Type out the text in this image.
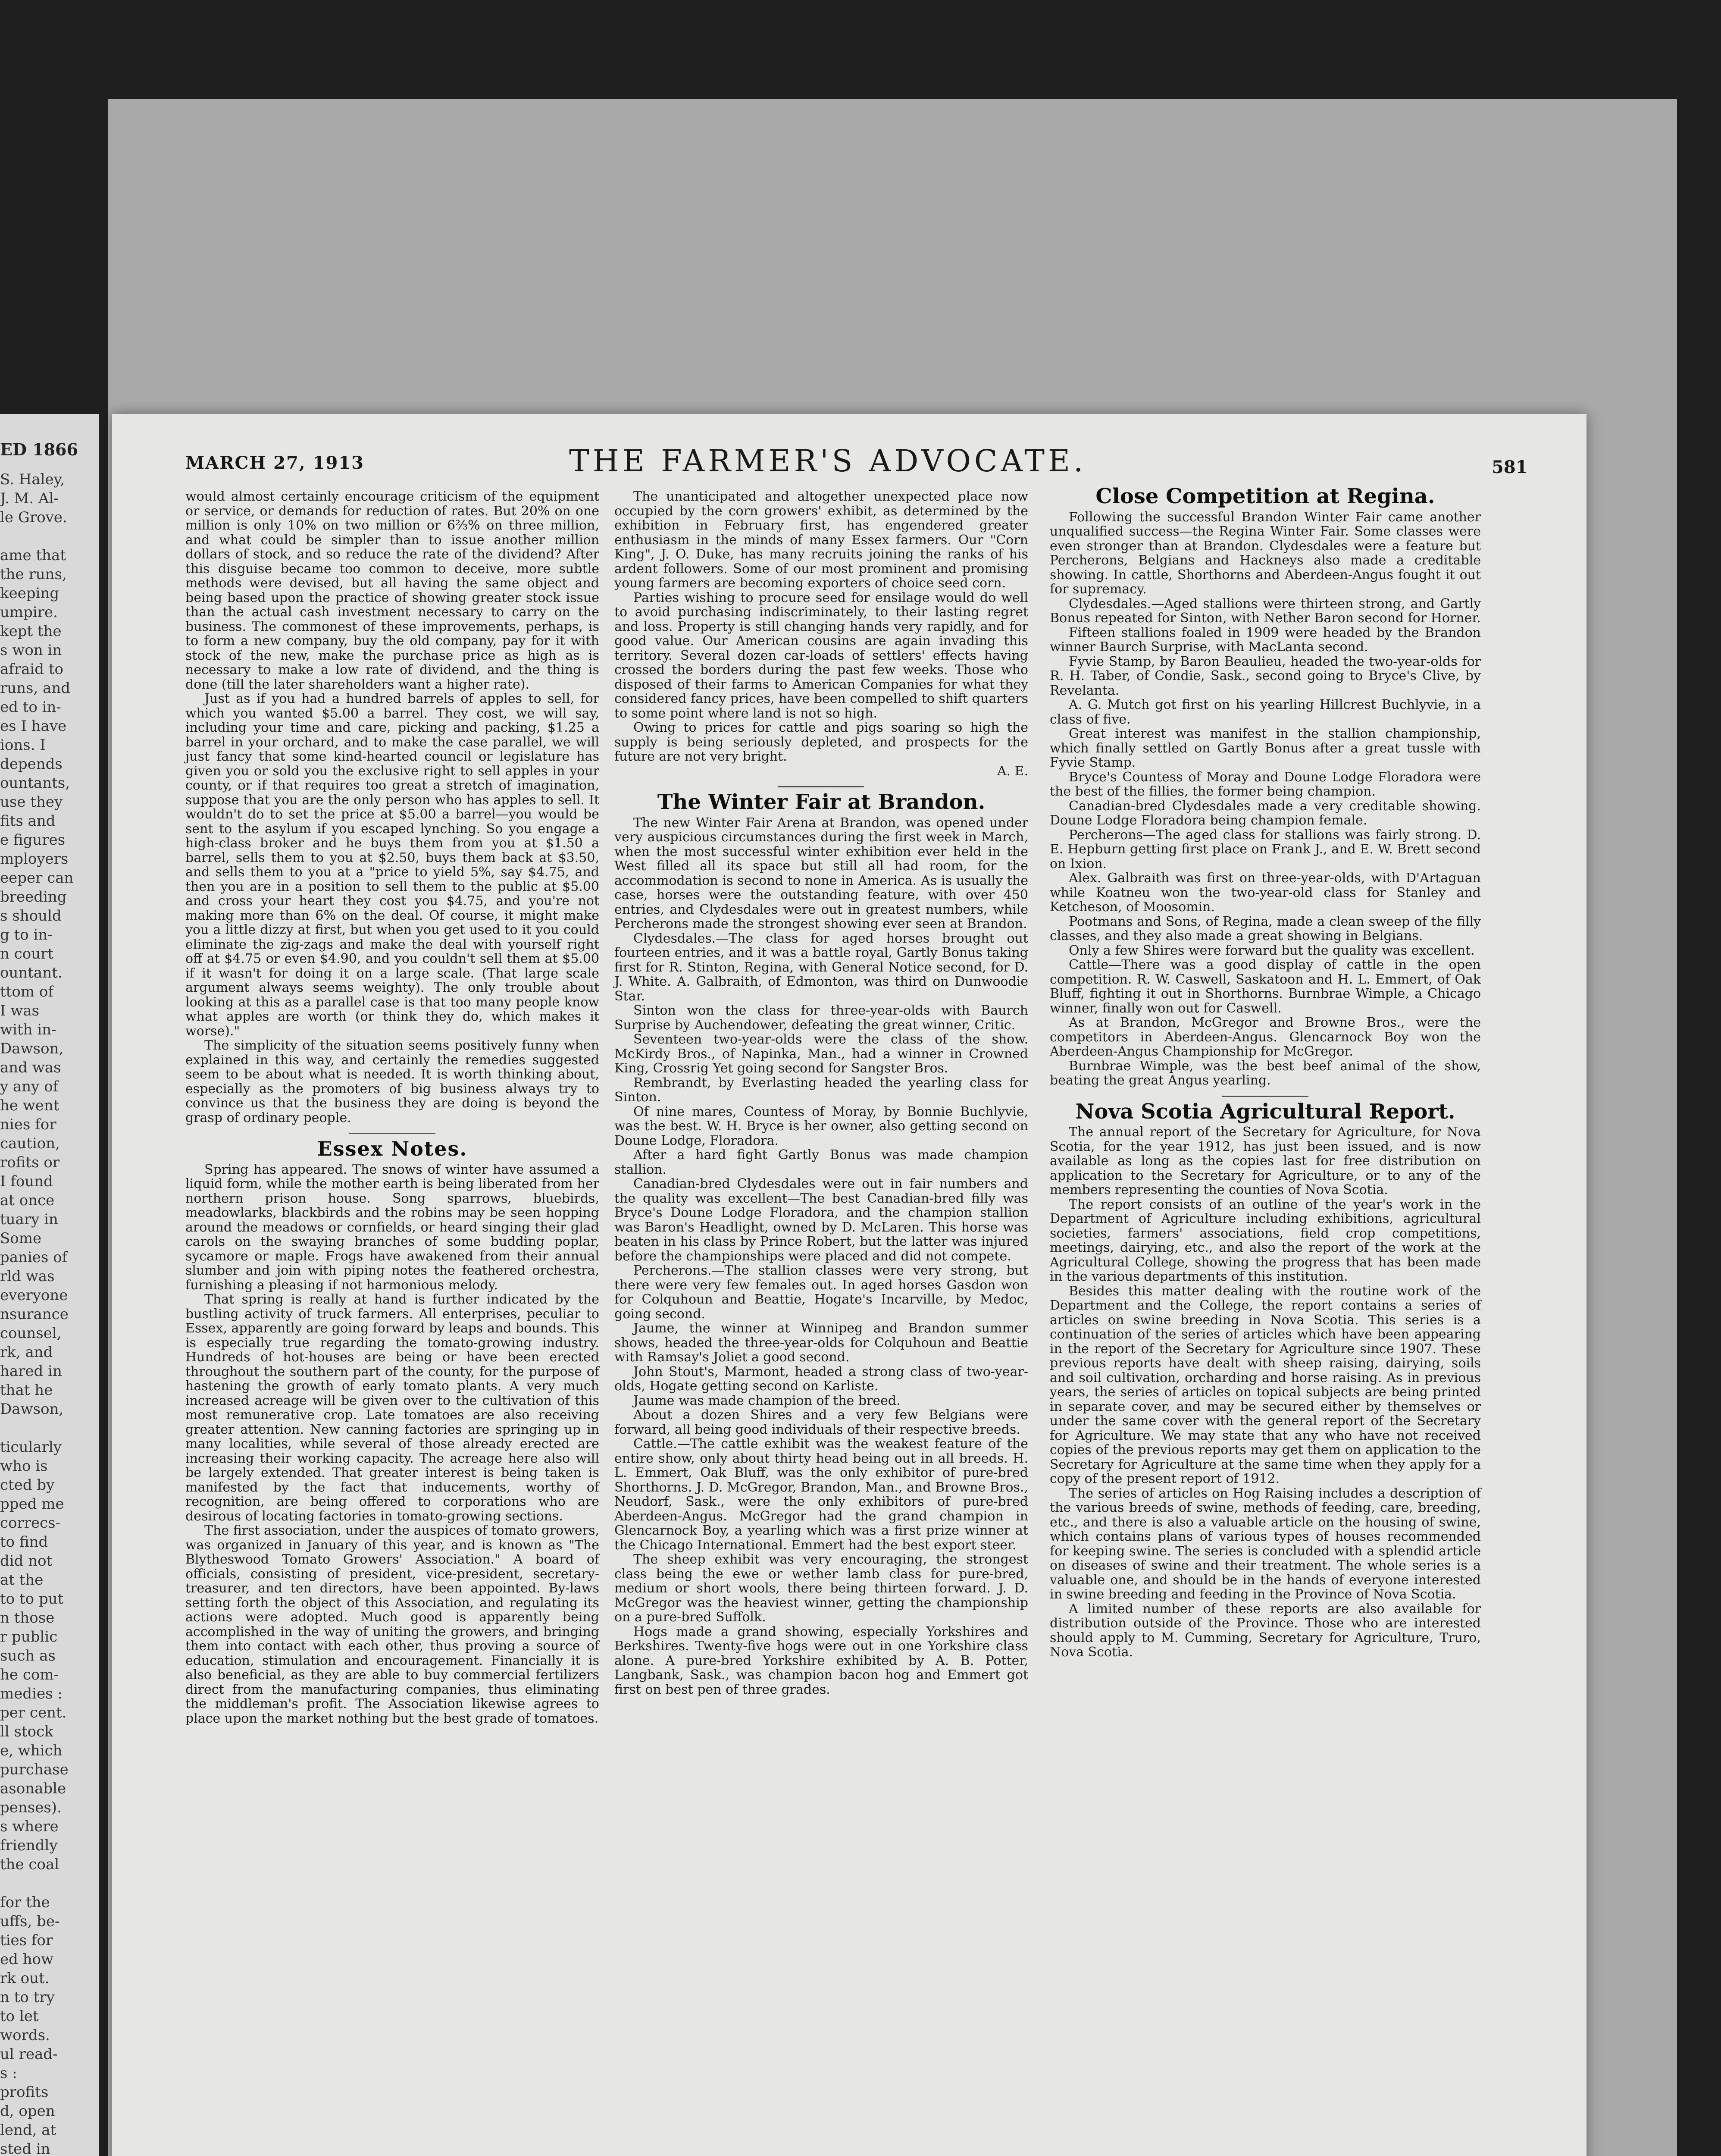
ED 1866
S. Haley,
J. M. Al-
le Grove.

ame that
the runs,
keeping
umpire.
kept the
s won in
afraid to
runs, and
ed to in-
es I have
ions. I
depends
ountants,
use they
fits and
e figures
mployers
eeper can
breeding
s should
g to in-
n court
ountant.
ttom of
I was
with in-
Dawson,
and was
y any of
he went
nies for
caution,
rofits or
I found
at once
tuary in
Some
panies of
rld was
everyone
nsurance
counsel,
rk, and
hared in
that he
Dawson,

ticularly
who is
cted by
pped me
correcs-
to find
did not
at the
to to put
n those
r public
such as
he com-
medies :
per cent.
ll stock
e, which
purchase
asonable
penses).
s where
friendly
the coal

for the
uffs, be-
ties for
ed how
rk out.
n to try
to let
words.
ul read-
s :
profits
d, open
lend, at
sted in
MARCH 27, 1913	THE FARMER'S ADVOCATE.	581

would almost certainly encourage criticism of the equipment or service, or demands for reduction of rates. But 20% on one million is only 10% on two million or 6⅔% on three million, and what could be simpler than to issue another million dollars of stock, and so reduce the rate of the dividend? After this disguise became too common to deceive, more subtle methods were devised, but all having the same object and being based upon the practice of showing greater stock issue than the actual cash investment necessary to carry on the business. The commonest of these improvements, perhaps, is to form a new company, buy the old company, pay for it with stock of the new, make the purchase price as high as is necessary to make a low rate of dividend, and the thing is done (till the later shareholders want a higher rate).

Just as if you had a hundred barrels of apples to sell, for which you wanted $5.00 a barrel. They cost, we will say, including your time and care, picking and packing, $1.25 a barrel in your orchard, and to make the case parallel, we will just fancy that some kind-hearted council or legislature has given you or sold you the exclusive right to sell apples in your county, or if that requires too great a stretch of imagination, suppose that you are the only person who has apples to sell. It wouldn't do to set the price at $5.00 a barrel—you would be sent to the asylum if you escaped lynching. So you engage a high-class broker and he buys them from you at $1.50 a barrel, sells them to you at $2.50, buys them back at $3.50, and sells them to you at a "price to yield 5%, say $4.75, and then you are in a position to sell them to the public at $5.00 and cross your heart they cost you $4.75, and you're not making more than 6% on the deal. Of course, it might make you a little dizzy at first, but when you get used to it you could eliminate the zig-zags and make the deal with yourself right off at $4.75 or even $4.90, and you couldn't sell them at $5.00 if it wasn't for doing it on a large scale. (That large scale argument always seems weighty). The only trouble about looking at this as a parallel case is that too many people know what apples are worth (or think they do, which makes it worse)."

The simplicity of the situation seems positively funny when explained in this way, and certainly the remedies suggested seem to be about what is needed. It is worth thinking about, especially as the promoters of big business always try to convince us that the business they are doing is beyond the grasp of ordinary people.

Essex Notes.

Spring has appeared. The snows of winter have assumed a liquid form, while the mother earth is being liberated from her northern prison house. Song sparrows, bluebirds, meadowlarks, blackbirds and the robins may be seen hopping around the meadows or cornfields, or heard singing their glad carols on the swaying branches of some budding poplar, sycamore or maple. Frogs have awakened from their annual slumber and join with piping notes the feathered orchestra, furnishing a pleasing if not harmonious melody.

That spring is really at hand is further indicated by the bustling activity of truck farmers. All enterprises, peculiar to Essex, apparently are going forward by leaps and bounds. This is especially true regarding the tomato-growing industry. Hundreds of hot-houses are being or have been erected throughout the southern part of the county, for the purpose of hastening the growth of early tomato plants. A very much increased acreage will be given over to the cultivation of this most remunerative crop. Late tomatoes are also receiving greater attention. New canning factories are springing up in many localities, while several of those already erected are increasing their working capacity. The acreage here also will be largely extended. That greater interest is being taken is manifested by the fact that inducements, worthy of recognition, are being offered to corporations who are desirous of locating factories in tomato-growing sections.

The first association, under the auspices of tomato growers, was organized in January of this year, and is known as "The Blytheswood Tomato Growers' Association." A board of officials, consisting of president, vice-president, secretary-treasurer, and ten directors, have been appointed. By-laws setting forth the object of this Association, and regulating its actions were adopted. Much good is apparently being accomplished in the way of uniting the growers, and bringing them into contact with each other, thus proving a source of education, stimulation and encouragement. Financially it is also beneficial, as they are able to buy commercial fertilizers direct from the manufacturing companies, thus eliminating the middleman's profit. The Association likewise agrees to place upon the market nothing but the best grade of tomatoes.

The unanticipated and altogether unexpected place now occupied by the corn growers' exhibit, as determined by the exhibition in February first, has engendered greater enthusiasm in the minds of many Essex farmers. Our "Corn King", J. O. Duke, has many recruits joining the ranks of his ardent followers. Some of our most prominent and promising young farmers are becoming exporters of choice seed corn.

Parties wishing to procure seed for ensilage would do well to avoid purchasing indiscriminately, to their lasting regret and loss. Property is still changing hands very rapidly, and for good value. Our American cousins are again invading this territory. Several dozen car-loads of settlers' effects having crossed the borders during the past few weeks. Those who disposed of their farms to American Companies for what they considered fancy prices, have been compelled to shift quarters to some point where land is not so high.

Owing to prices for cattle and pigs soaring so high the supply is being seriously depleted, and prospects for the future are not very bright.

A. E.

The Winter Fair at Brandon.

The new Winter Fair Arena at Brandon, was opened under very auspicious circumstances during the first week in March, when the most successful winter exhibition ever held in the West filled all its space but still all had room, for the accommodation is second to none in America. As is usually the case, horses were the outstanding feature, with over 450 entries, and Clydesdales were out in greatest numbers, while Percherons made the strongest showing ever seen at Brandon.

Clydesdales.—The class for aged horses brought out fourteen entries, and it was a battle royal, Gartly Bonus taking first for R. Stinton, Regina, with General Notice second, for D. J. White. A. Galbraith, of Edmonton, was third on Dunwoodie Star.

Sinton won the class for three-year-olds with Baurch Surprise by Auchendower, defeating the great winner, Critic.

Seventeen two-year-olds were the class of the show. McKirdy Bros., of Napinka, Man., had a winner in Crowned King, Crossrig Yet going second for Sangster Bros.

Rembrandt, by Everlasting headed the yearling class for Sinton.

Of nine mares, Countess of Moray, by Bonnie Buchlyvie, was the best. W. H. Bryce is her owner, also getting second on Doune Lodge, Floradora.

After a hard fight Gartly Bonus was made champion stallion.

Canadian-bred Clydesdales were out in fair numbers and the quality was excellent—The best Canadian-bred filly was Bryce's Doune Lodge Floradora, and the champion stallion was Baron's Headlight, owned by D. McLaren. This horse was beaten in his class by Prince Robert, but the latter was injured before the championships were placed and did not compete.

Percherons.—The stallion classes were very strong, but there were very few females out. In aged horses Gasdon won for Colquhoun and Beattie, Hogate's Incarville, by Medoc, going second.

Jaume, the winner at Winnipeg and Brandon summer shows, headed the three-year-olds for Colquhoun and Beattie with Ramsay's Joliet a good second.

John Stout's, Marmont, headed a strong class of two-year-olds, Hogate getting second on Karliste.

Jaume was made champion of the breed.

About a dozen Shires and a very few Belgians were forward, all being good individuals of their respective breeds.

Cattle.—The cattle exhibit was the weakest feature of the entire show, only about thirty head being out in all breeds. H. L. Emmert, Oak Bluff, was the only exhibitor of pure-bred Shorthorns. J. D. McGregor, Brandon, Man., and Browne Bros., Neudorf, Sask., were the only exhibitors of pure-bred Aberdeen-Angus. McGregor had the grand champion in Glencarnock Boy, a yearling which was a first prize winner at the Chicago International. Emmert had the best export steer.

The sheep exhibit was very encouraging, the strongest class being the ewe or wether lamb class for pure-bred, medium or short wools, there being thirteen forward. J. D. McGregor was the heaviest winner, getting the championship on a pure-bred Suffolk.

Hogs made a grand showing, especially Yorkshires and Berkshires. Twenty-five hogs were out in one Yorkshire class alone. A pure-bred Yorkshire exhibited by A. B. Potter, Langbank, Sask., was champion bacon hog and Emmert got first on best pen of three grades.

Close Competition at Regina.

Following the successful Brandon Winter Fair came another unqualified success—the Regina Winter Fair. Some classes were even stronger than at Brandon. Clydesdales were a feature but Percherons, Belgians and Hackneys also made a creditable showing. In cattle, Shorthorns and Aberdeen-Angus fought it out for supremacy.

Clydesdales.—Aged stallions were thirteen strong, and Gartly Bonus repeated for Sinton, with Nether Baron second for Horner.

Fifteen stallions foaled in 1909 were headed by the Brandon winner Baurch Surprise, with MacLanta second.

Fyvie Stamp, by Baron Beaulieu, headed the two-year-olds for R. H. Taber, of Condie, Sask., second going to Bryce's Clive, by Revelanta.

A. G. Mutch got first on his yearling Hillcrest Buchlyvie, in a class of five.

Great interest was manifest in the stallion championship, which finally settled on Gartly Bonus after a great tussle with Fyvie Stamp.

Bryce's Countess of Moray and Doune Lodge Floradora were the best of the fillies, the former being champion.

Canadian-bred Clydesdales made a very creditable showing. Doune Lodge Floradora being champion female.

Percherons—The aged class for stallions was fairly strong. D. E. Hepburn getting first place on Frank J., and E. W. Brett second on Ixion.

Alex. Galbraith was first on three-year-olds, with D'Artaguan while Koatneu won the two-year-old class for Stanley and Ketcheson, of Moosomin.

Pootmans and Sons, of Regina, made a clean sweep of the filly classes, and they also made a great showing in Belgians.

Only a few Shires were forward but the quality was excellent.

Cattle—There was a good display of cattle in the open competition. R. W. Caswell, Saskatoon and H. L. Emmert, of Oak Bluff, fighting it out in Shorthorns. Burnbrae Wimple, a Chicago winner, finally won out for Caswell.

As at Brandon, McGregor and Browne Bros., were the competitors in Aberdeen-Angus. Glencarnock Boy won the Aberdeen-Angus Championship for McGregor.

Burnbrae Wimple, was the best beef animal of the show, beating the great Angus yearling.

Nova Scotia Agricultural Report.

The annual report of the Secretary for Agriculture, for Nova Scotia, for the year 1912, has just been issued, and is now available as long as the copies last for free distribution on application to the Secretary for Agriculture, or to any of the members representing the counties of Nova Scotia.

The report consists of an outline of the year's work in the Department of Agriculture including exhibitions, agricultural societies, farmers' associations, field crop competitions, meetings, dairying, etc., and also the report of the work at the Agricultural College, showing the progress that has been made in the various departments of this institution.

Besides this matter dealing with the routine work of the Department and the College, the report contains a series of articles on swine breeding in Nova Scotia. This series is a continuation of the series of articles which have been appearing in the report of the Secretary for Agriculture since 1907. These previous reports have dealt with sheep raising, dairying, soils and soil cultivation, orcharding and horse raising. As in previous years, the series of articles on topical subjects are being printed in separate cover, and may be secured either by themselves or under the same cover with the general report of the Secretary for Agriculture. We may state that any who have not received copies of the previous reports may get them on application to the Secretary for Agriculture at the same time when they apply for a copy of the present report of 1912.

The series of articles on Hog Raising includes a description of the various breeds of swine, methods of feeding, care, breeding, etc., and there is also a valuable article on the housing of swine, which contains plans of various types of houses recommended for keeping swine. The series is concluded with a splendid article on diseases of swine and their treatment. The whole series is a valuable one, and should be in the hands of everyone interested in swine breeding and feeding in the Province of Nova Scotia.

A limited number of these reports are also available for distribution outside of the Province. Those who are interested should apply to M. Cumming, Secretary for Agriculture, Truro, Nova Scotia.
